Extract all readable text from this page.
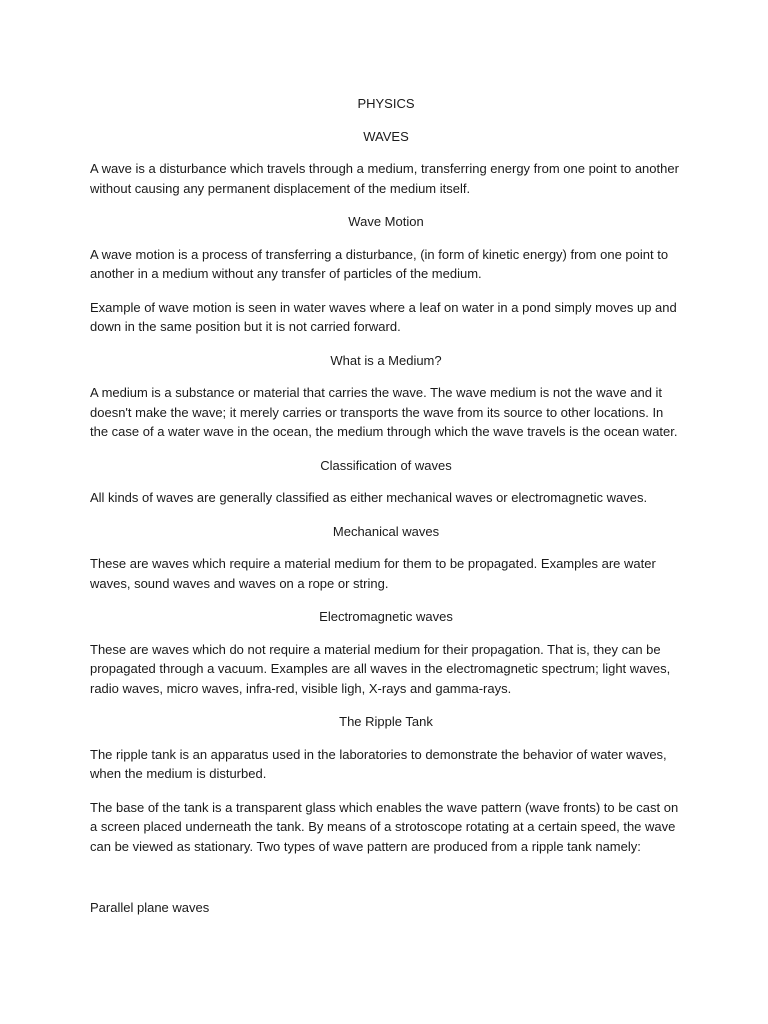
PHYSICS

WAVES

A wave is a disturbance which travels through a medium, transferring energy from one point to another without causing any permanent displacement of the medium itself.

Wave Motion

A wave motion is a process of transferring a disturbance, (in form of kinetic energy) from one point to another in a medium without any transfer of particles of the medium.

Example of wave motion is seen in water waves where a leaf on water in a pond simply moves up and down in the same position but it is not carried forward.

What is a Medium?

A medium is a substance or material that carries the wave. The wave medium is not the wave and it doesn't make the wave; it merely carries or transports the wave from its source to other locations. In the case of a water wave in the ocean, the medium through which the wave travels is the ocean water.

Classification of waves

All kinds of waves are generally classified as either mechanical waves or electromagnetic waves.

Mechanical waves

These are waves which require a material medium for them to be propagated. Examples are water waves, sound waves and waves on a rope or string.

Electromagnetic waves

These are waves which do not require a material medium for their propagation. That is, they can be propagated through a vacuum. Examples are all waves in the electromagnetic spectrum; light waves, radio waves, micro waves, infra-red, visible ligh, X-rays and gamma-rays.

The Ripple Tank

The ripple tank is an apparatus used in the laboratories to demonstrate the behavior of water waves, when the medium is disturbed.

The base of the tank is a transparent glass which enables the wave pattern (wave fronts) to be cast on a screen placed underneath the tank. By means of a strotoscope rotating at a certain speed, the wave can be viewed as stationary. Two types of wave pattern are produced from a ripple tank namely:

Parallel plane waves
